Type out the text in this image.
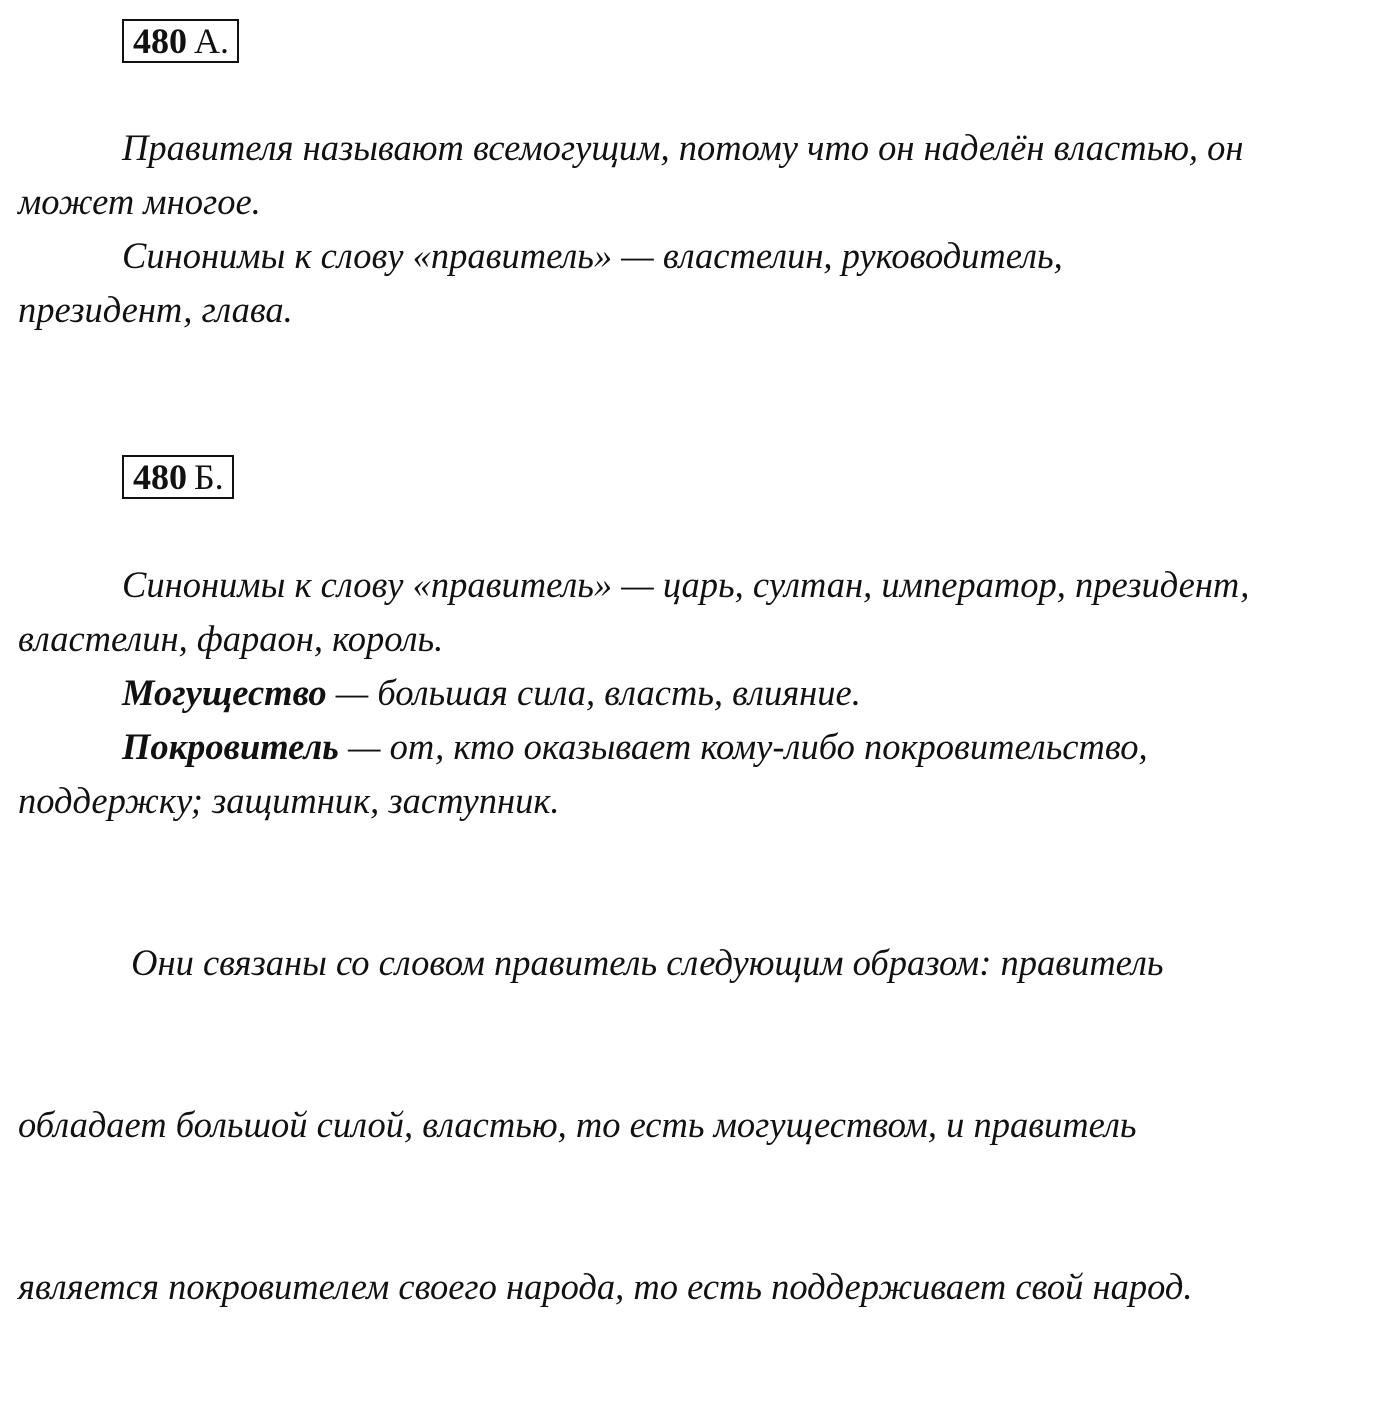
480 А.

Правителя называют всемогущим, потому что он наделён властью, он
может многое.

Синонимы к слову «правитель» — властелин, руководитель,
президент, глава.

480 Б.

Синонимы к слову «правитель» — царь, султан, император, президент,
властелин, фараон, король.

Могущество — большая сила, власть, влияние.

Покровитель — от, кто оказывает кому-либо покровительство,
поддержку; защитник, заступник.

Они связаны со словом правитель следующим образом: правитель

обладает большой силой, властью, то есть могуществом, и правитель

является покровителем своего народа, то есть поддерживает свой народ.
